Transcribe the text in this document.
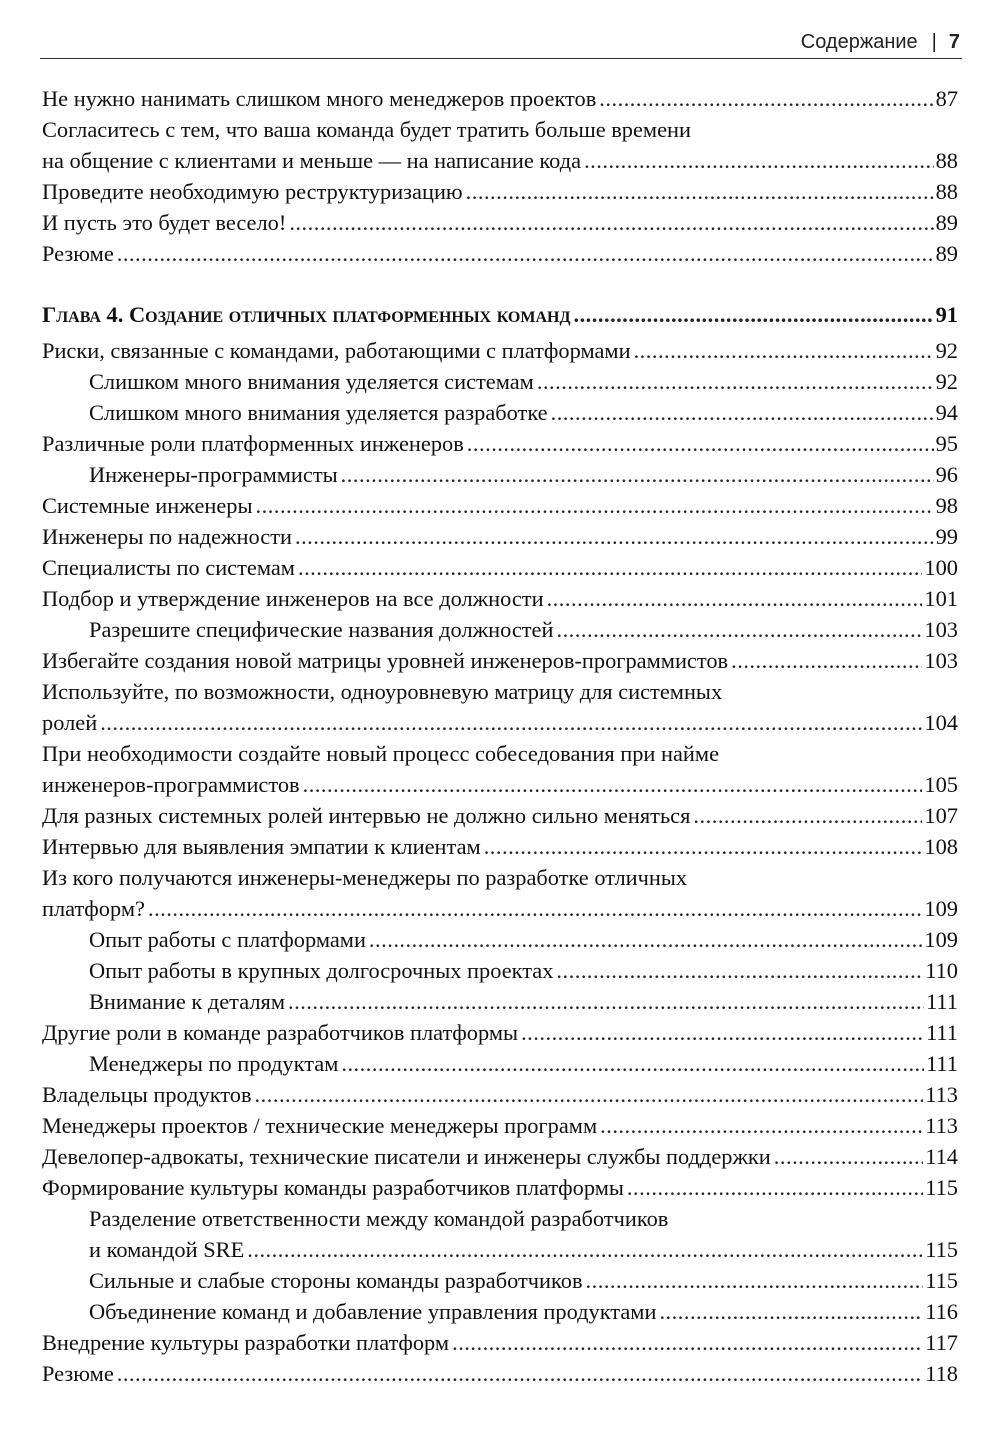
Содержание | 7
Не нужно нанимать слишком много менеджеров проектов .....	87
Согласитесь с тем, что ваша команда будет тратить больше времени
на общение с клиентами и меньше — на написание кода .....	88
Проведите необходимую реструктуризацию .....	88
И пусть это будет весело! .....	89
Резюме .....	89
Глава 4. Создание отличных платформенных команд .....	91
Риски, связанные с командами, работающими с платформами .....	92
Слишком много внимания уделяется системам .....	92
Слишком много внимания уделяется разработке .....	94
Различные роли платформенных инженеров .....	95
Инженеры-программисты .....	96
Системные инженеры .....	98
Инженеры по надежности .....	99
Специалисты по системам .....	100
Подбор и утверждение инженеров на все должности .....	101
Разрешите специфические названия должностей .....	103
Избегайте создания новой матрицы уровней инженеров-программистов .....	103
Используйте, по возможности, одноуровневую матрицу для системных
ролей .....	104
При необходимости создайте новый процесс собеседования при найме
инженеров-программистов .....	105
Для разных системных ролей интервью не должно сильно меняться .....	107
Интервью для выявления эмпатии к клиентам .....	108
Из кого получаются инженеры-менеджеры по разработке отличных
платформ? .....	109
Опыт работы с платформами .....	109
Опыт работы в крупных долгосрочных проектах .....	110
Внимание к деталям .....	111
Другие роли в команде разработчиков платформы .....	111
Менеджеры по продуктам .....	111
Владельцы продуктов .....	113
Менеджеры проектов / технические менеджеры программ .....	113
Девелопер-адвокаты, технические писатели и инженеры службы поддержки .....	114
Формирование культуры команды разработчиков платформы .....	115
Разделение ответственности между командой разработчиков
и командой SRE .....	115
Сильные и слабые стороны команды разработчиков .....	115
Объединение команд и добавление управления продуктами .....	116
Внедрение культуры разработки платформ .....	117
Резюме .....	118
